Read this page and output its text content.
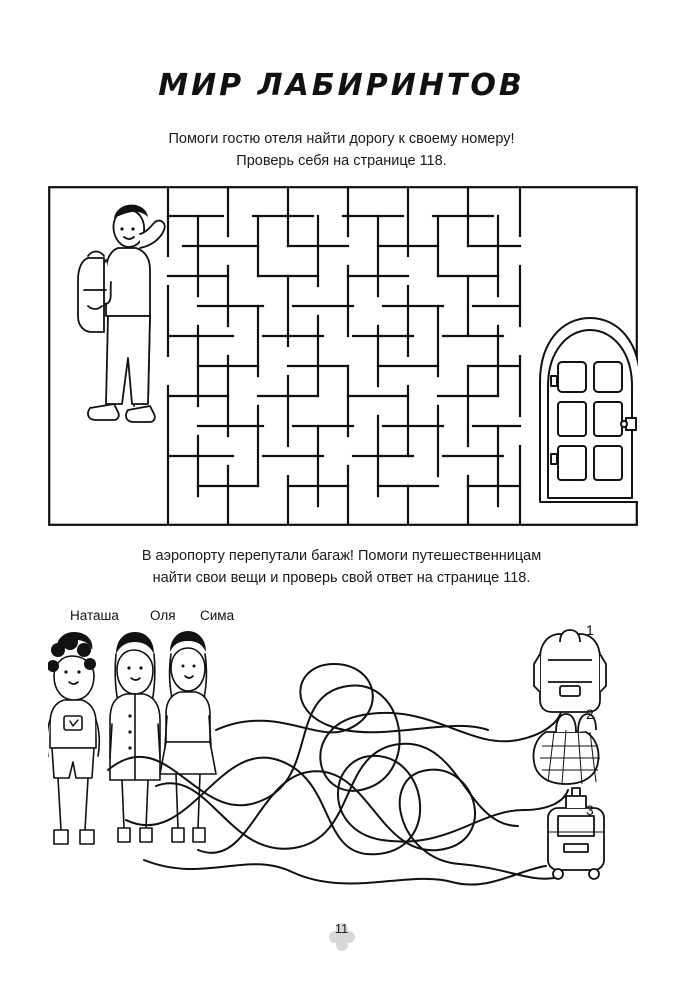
МИР ЛАБИРИНТОВ
Помоги гостю отеля найти дорогу к своему номеру!
Проверь себя на странице 118.
В аэропорту перепутали багаж! Помоги путешественницам
найти свои вещи и проверь свой ответ на странице 118.
Наташа Оля Сима
1
2
3
11
